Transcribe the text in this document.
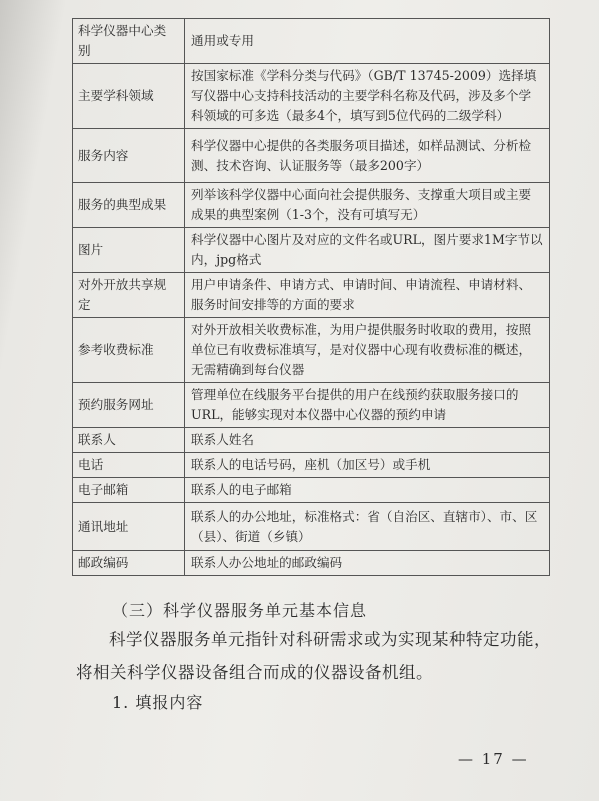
科学仪器中心类别	通用或专用
主要学科领域	按国家标准《学科分类与代码》（GB/T 13745-2009）选择填写仪器中心支持科技活动的主要学科名称及代码，涉及多个学科领域的可多选（最多4个，填写到5位代码的二级学科）
服务内容	科学仪器中心提供的各类服务项目描述，如样品测试、分析检测、技术咨询、认证服务等（最多200字）
服务的典型成果	列举该科学仪器中心面向社会提供服务、支撑重大项目或主要成果的典型案例（1-3个，没有可填写无）
图片	科学仪器中心图片及对应的文件名或URL，图片要求1M字节以内，jpg格式
对外开放共享规定	用户申请条件、申请方式、申请时间、申请流程、申请材料、服务时间安排等的方面的要求
参考收费标准	对外开放相关收费标准，为用户提供服务时收取的费用，按照单位已有收费标准填写，是对仪器中心现有收费标准的概述，无需精确到每台仪器
预约服务网址	管理单位在线服务平台提供的用户在线预约获取服务接口的URL，能够实现对本仪器中心仪器的预约申请
联系人	联系人姓名
电话	联系人的电话号码，座机（加区号）或手机
电子邮箱	联系人的电子邮箱
通讯地址	联系人的办公地址，标准格式：省（自治区、直辖市）、市、区（县）、街道（乡镇）
邮政编码	联系人办公地址的邮政编码
（三）科学仪器服务单元基本信息
科学仪器服务单元指针对科研需求或为实现某种特定功能，将相关科学仪器设备组合而成的仪器设备机组。
1. 填报内容
— 17 —
